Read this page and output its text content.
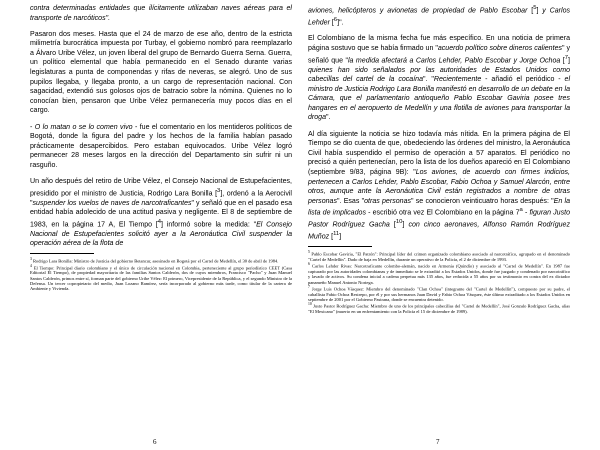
contra determinadas entidades que ilícitamente utilizaban naves aéreas para el transporte de narcóticos".

Pasaron dos meses. Hasta que el 24 de marzo de ese año, dentro de la estricta milimetría burocrática impuesta por Turbay, el gobierno nombró para reemplazarlo a Álvaro Uribe Vélez, un joven liberal del grupo de Bernardo Guerra Serna. Guerra, un político elemental que había permanecido en el Senado durante varias legislaturas a punta de componendas y rifas de neveras, se alegró. Uno de sus pupilos llegaba, y llegaba pronto, a un cargo de representación nacional. Con sagacidad, extendió sus golosos ojos de batracio sobre la nómina. Quienes no lo conocían bien, pensaron que Uribe Vélez permanecería muy pocos días en el cargo.

- O lo matan o se lo comen vivo - fue el comentario en los mentideros políticos de Bogotá, donde la figura del padre y los hechos de la familia habían pasado prácticamente desapercibidos. Pero estaban equivocados. Uribe Vélez logró permanecer 28 meses largos en la dirección del Departamento sin sufrir ni un rasguño.

Un año después del retiro de Uribe Vélez, el Consejo Nacional de Estupefacientes, presidido por el ministro de Justicia, Rodrigo Lara Bonilla [$^3$], ordenó a la Aerocivil "suspender los vuelos de naves de narcotraficantes" y señaló que en el pasado esa entidad había adolecido de una actitud pasiva y negligente. El 8 de septiembre de 1983, en la página 17 A, El Tiempo [$^4$] informó sobre la medida: "El Consejo Nacional de Estupefacientes solicitó ayer a la Aeronáutica Civil suspender la operación aérea de la flota de

$^3$ Rodrigo Lara Bonilla: Ministro de Justicia del gobierno Betancur, asesinado en Bogotá por el Cartel de Medellín, el 30 de abril de 1984.

$^4$ El Tiempo: Principal diario colombiano y el único de circulación nacional en Colombia, perteneciente al grupo periodístico CEET (Casa Editorial El Tiempo), de propiedad mayoritaria de las familias Santos Calderón, dos de cuyos miembros, Francisco "Pacho" y Juan Manuel Santos Calderón, primos entre sí, forman parte del gobierno Uribe Vélez: El primero, Vicepresidente de la República, y el segundo Ministro de la Defensa. Un tercer copropietario del medio, Juan Lozano Ramírez, sería incorporado al gobierno más tarde, como titular de la cartera de Ambiente y Vivienda.

aviones, helicópteros y avionetas de propiedad de Pablo Escobar [$^5$] y Carlos Lehder [$^6$]".

El Colombiano de la misma fecha fue más específico. En una noticia de primera página sostuvo que se había firmado un "acuerdo político sobre dineros calientes" y señaló que "la medida afectará a Carlos Lehder, Pablo Escobar y Jorge Ochoa [$^7$] quienes han sido señalados por las autoridades de Estados Unidos como cabecillas del cartel de la cocaína". "Recientemente - añadió el periódico - el ministro de Justicia Rodrigo Lara Bonilla manifestó en desarrollo de un debate en la Cámara, que el parlamentario antioqueño Pablo Escobar Gaviria posee tres hangares en el aeropuerto de Medellín y una flotilla de aviones para transportar la droga".

Al día siguiente la noticia se hizo todavía más nítida. En la primera página de El Tiempo se dio cuenta de que, obedeciendo las órdenes del ministro, la Aeronáutica Civil había suspendido el permiso de operación a 57 aparatos. El periódico no precisó a quién pertenecían, pero la lista de los dueños apareció en El Colombiano (septiembre 9/83, página 9B): "Los aviones, de acuerdo con firmes indicios, pertenecen a Carlos Lehder, Pablo Escobar, Fabio Ochoa y Samuel Alarcón, entre otros, aunque ante la Aeronáutica Civil están registrados a nombre de otras personas". Esas "otras personas" se conocieron veinticuatro horas después: "En la lista de implicados - escribió otra vez El Colombiano en la página 7$^a$ - figuran Justo Pastor Rodríguez Gacha [$^{10}$] con cinco aeronaves, Alfonso Ramón Rodríguez Muñoz [$^{11}$]

$^5$ Pablo Escobar Gaviria, "El Patrón": Principal líder del crimen organizado colombiano asociado al narcotráfico, agrupado en el denominado "Cartel de Medellín". Dado de baja en Medellín, durante un operativo de la Policía, el 2 de diciembre de 1993.

$^6$ Carlos Lehder Rivas: Narcotraficante colombo-alemán, nacido en Armenia (Quindío) y asociado al "Cartel de Medellín". En 1987 fue capturado por las autoridades colombianas y de inmediato se le extraditó a los Estados Unidos, donde fue juzgado y condenado por narcotráfico y lavado de activos. Su condena inicial a cadena perpetua más 135 años, fue reducida a 55 años por su testimonio en contra del ex dictador panameño Manuel Antonio Noriega.

$^7$ Jorge Luis Ochoa Vásquez: Miembro del denominado "Clan Ochoa" (integrante del "Cartel de Medellín"), compuesto por su padre, el caballista Fabio Ochoa Restrepo, por él y por sus hermanos Juan David y Fabio Ochoa Vásquez, éste último extraditado a los Estados Unidos en septiembre de 2001 por el Gobierno Pastrana, donde se encuentra detenido.

$^{10}$ Justo Pastor Rodríguez Gacha: Miembro de uno de los principales cabecillas del "Cartel de Medellín", José Gonzalo Rodríguez Gacha, alias "El Mexicano" (muerto en un enfrentamiento con la Policía el 15 de diciembre de 1989).

6	7
